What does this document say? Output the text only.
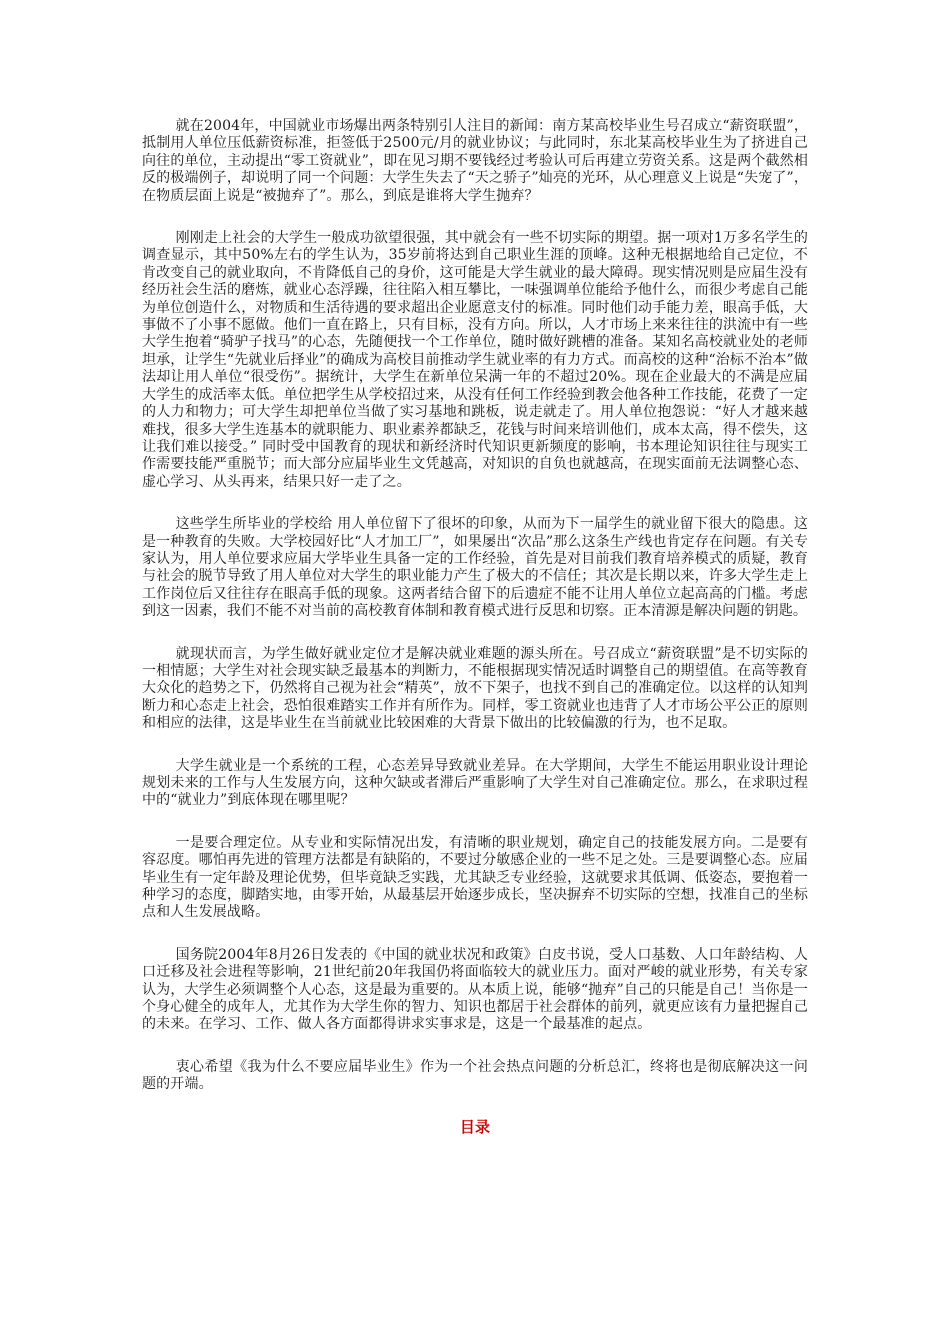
就在2004年，中国就业市场爆出两条特别引人注目的新闻：南方某高校毕业生号召成立“薪资联盟”，抵制用人单位压低薪资标准，拒签低于2500元/月的就业协议；与此同时，东北某高校毕业生为了挤进自己向往的单位，主动提出“零工资就业”，即在见习期不要钱经过考验认可后再建立劳资关系。这是两个截然相反的极端例子，却说明了同一个问题：大学生失去了“天之骄子”灿亮的光环，从心理意义上说是“失宠了”，在物质层面上说是“被抛弃了”。那么，到底是谁将大学生抛弃？

刚刚走上社会的大学生一般成功欲望很强，其中就会有一些不切实际的期望。据一项对1万多名学生的调查显示，其中50%左右的学生认为，35岁前将达到自己职业生涯的顶峰。这种无根据地给自己定位，不肯改变自己的就业取向，不肯降低自己的身价，这可能是大学生就业的最大障碍。现实情况则是应届生没有经历社会生活的磨炼，就业心态浮躁，往往陷入相互攀比，一味强调单位能给予他什么，而很少考虑自己能为单位创造什么，对物质和生活待遇的要求超出企业愿意支付的标准。同时他们动手能力差，眼高手低，大事做不了小事不愿做。他们一直在路上，只有目标，没有方向。所以，人才市场上来来往往的洪流中有一些大学生抱着“骑驴子找马”的心态，先随便找一个工作单位，随时做好跳槽的准备。某知名高校就业处的老师坦承，让学生“先就业后择业”的确成为高校目前推动学生就业率的有力方式。而高校的这种“治标不治本”做法却让用人单位“很受伤”。据统计，大学生在新单位呆满一年的不超过20%。现在企业最大的不满是应届大学生的成活率太低。单位把学生从学校招过来，从没有任何工作经验到教会他各种工作技能，花费了一定的人力和物力；可大学生却把单位当做了实习基地和跳板，说走就走了。用人单位抱怨说：“好人才越来越难找，很多大学生连基本的就职能力、职业素养都缺乏，花钱与时间来培训他们，成本太高，得不偿失，这让我们难以接受。” 同时受中国教育的现状和新经济时代知识更新频度的影响，书本理论知识往往与现实工作需要技能严重脱节；而大部分应届毕业生文凭越高，对知识的自负也就越高，在现实面前无法调整心态、虚心学习、从头再来，结果只好一走了之。

这些学生所毕业的学校给 用人单位留下了很坏的印象，从而为下一届学生的就业留下很大的隐患。这是一种教育的失败。大学校园好比“人才加工厂”，如果屡出“次品”那么这条生产线也肯定存在问题。有关专家认为，用人单位要求应届大学毕业生具备一定的工作经验，首先是对目前我们教育培养模式的质疑，教育与社会的脱节导致了用人单位对大学生的职业能力产生了极大的不信任；其次是长期以来，许多大学生走上工作岗位后又往往存在眼高手低的现象。这两者结合留下的后遗症不能不让用人单位立起高高的门槛。考虑到这一因素，我们不能不对当前的高校教育体制和教育模式进行反思和切察。正本清源是解决问题的钥匙。

就现状而言，为学生做好就业定位才是解决就业难题的源头所在。号召成立“薪资联盟”是不切实际的一相情愿；大学生对社会现实缺乏最基本的判断力，不能根据现实情况适时调整自己的期望值。在高等教育大众化的趋势之下，仍然将自己视为社会“精英”，放不下架子，也找不到自己的准确定位。以这样的认知判断力和心态走上社会，恐怕很难踏实工作并有所作为。同样，零工资就业也违背了人才市场公平公正的原则和相应的法律，这是毕业生在当前就业比较困难的大背景下做出的比较偏激的行为，也不足取。

大学生就业是一个系统的工程，心态差异导致就业差异。在大学期间，大学生不能运用职业设计理论规划未来的工作与人生发展方向，这种欠缺或者滞后严重影响了大学生对自己准确定位。那么，在求职过程中的“就业力”到底体现在哪里呢？

一是要合理定位。从专业和实际情况出发，有清晰的职业规划，确定自己的技能发展方向。二是要有容忍度。哪怕再先进的管理方法都是有缺陷的，不要过分敏感企业的一些不足之处。三是要调整心态。应届毕业生有一定年龄及理论优势，但毕竟缺乏实践，尤其缺乏专业经验，这就要求其低调、低姿态，要抱着一种学习的态度，脚踏实地，由零开始，从最基层开始逐步成长，坚决摒弃不切实际的空想，找准自己的坐标点和人生发展战略。

国务院2004年8月26日发表的《中国的就业状况和政策》白皮书说，受人口基数、人口年龄结构、人口迁移及社会进程等影响，21世纪前20年我国仍将面临较大的就业压力。面对严峻的就业形势，有关专家认为，大学生必须调整个人心态，这是最为重要的。从本质上说，能够“抛弃”自己的只能是自己！当你是一个身心健全的成年人，尤其作为大学生你的智力、知识也都居于社会群体的前列，就更应该有力量把握自己的未来。在学习、工作、做人各方面都得讲求实事求是，这是一个最基准的起点。

衷心希望《我为什么不要应届毕业生》作为一个社会热点问题的分析总汇，终将也是彻底解决这一问题的开端。

目录
